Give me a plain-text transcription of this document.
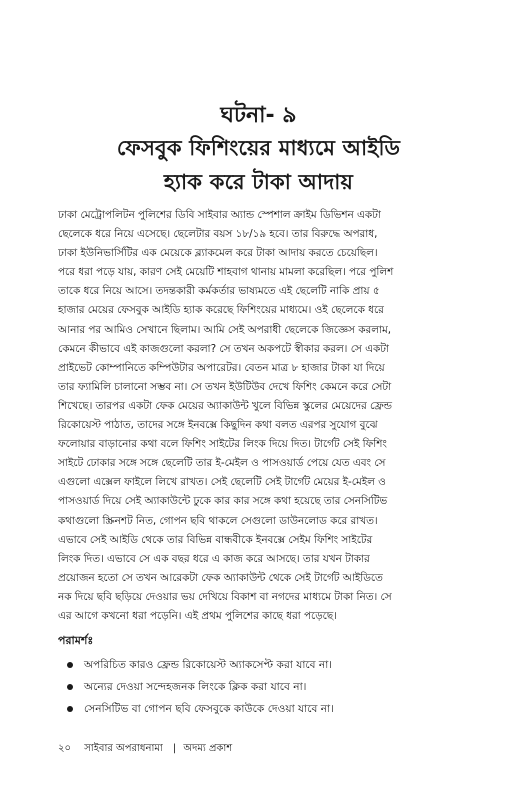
ঘটনা- ৯
ফেসবুক ফিশিংয়ের মাধ্যমে আইডি
হ্যাক করে টাকা আদায়
ঢাকা মেট্রোপলিটন পুলিশের ডিবি সাইবার অ্যান্ড স্পেশাল ক্রাইম ডিভিশন একটা
ছেলেকে ধরে নিয়ে এসেছে। ছেলেটার বয়স ১৮/১৯ হবে। তার বিরুদ্ধে অপরাধ,
ঢাকা ইউনিভার্সিটির এক মেয়েকে ব্ল্যাকমেল করে টাকা আদায় করতে চেয়েছিল।
পরে ধরা পড়ে যায়, কারণ সেই মেয়েটি শাহবাগ থানায় মামলা করেছিল। পরে পুলিশ
তাকে ধরে নিয়ে আসে। তদন্তকারী কর্মকর্তার ভাষ্যমতে এই ছেলেটি নাকি প্রায় ৫
হাজার মেয়ের ফেসবুক আইডি হ্যাক করেছে ফিশিংয়ের মাধ্যমে। ওই ছেলেকে ধরে
আনার পর আমিও সেখানে ছিলাম। আমি সেই অপরাধী ছেলেকে জিজ্ঞেস করলাম,
কেমনে কীভাবে এই কাজগুলো করলা? সে তখন অকপটে স্বীকার করল। সে একটা
প্রাইভেট কোম্পানিতে কম্পিউটার অপারেটর। বেতন মাত্র ৮ হাজার টাকা যা দিয়ে
তার ফ্যামিলি চালানো সম্ভব না। সে তখন ইউটিউব দেখে ফিশিং কেমনে করে সেটা
শিখেছে। তারপর একটা ফেক মেয়ের অ্যাকাউন্ট খুলে বিভিন্ন স্কুলের মেয়েদের ফ্রেন্ড
রিকোয়েস্ট পাঠাত, তাদের সঙ্গে ইনবক্সে কিছুদিন কথা বলত এরপর সুযোগ বুঝে
ফলোয়ার বাড়ানোর কথা বলে ফিশিং সাইটের লিংক দিয়ে দিত। টার্গেট সেই ফিশিং
সাইটে ঢোকার সঙ্গে সঙ্গে ছেলেটি তার ই-মেইল ও পাসওয়ার্ড পেয়ে যেত এবং সে
এগুলো এক্সেল ফাইলে লিখে রাখত। সেই ছেলেটি সেই টার্গেট মেয়ের ই-মেইল ও
পাসওয়ার্ড দিয়ে সেই অ্যাকাউন্টে ঢুকে কার কার সঙ্গে কথা হয়েছে তার সেনসিটিভ
কথাগুলো স্ক্রিনশট নিত, গোপন ছবি থাকলে সেগুলো ডাউনলোড করে রাখত।
এভাবে সেই আইডি থেকে তার বিভিন্ন বান্ধবীকে ইনবক্সে সেইম ফিশিং সাইটের
লিংক দিত। এভাবে সে এক বছর ধরে এ কাজ করে আসছে। তার যখন টাকার
প্রয়োজন হতো সে তখন আরেকটা ফেক অ্যাকাউন্ট থেকে সেই টার্গেট আইডিতে
নক দিয়ে ছবি ছড়িয়ে দেওয়ার ভয় দেখিয়ে বিকাশ বা নগদের মাধ্যমে টাকা নিত। সে
এর আগে কখনো ধরা পড়েনি। এই প্রথম পুলিশের কাছে ধরা পড়েছে।
পরামর্শঃ
অপরিচিত কারও ফ্রেন্ড রিকোয়েস্ট অ্যাকসেপ্ট করা যাবে না।
অন্যের দেওয়া সন্দেহজনক লিংকে ক্লিক করা যাবে না।
সেনসিটিভ বা গোপন ছবি ফেসবুকে কাউকে দেওয়া যাবে না।
২০ সাইবার অপরাধনামা | অদম্য প্রকাশ
